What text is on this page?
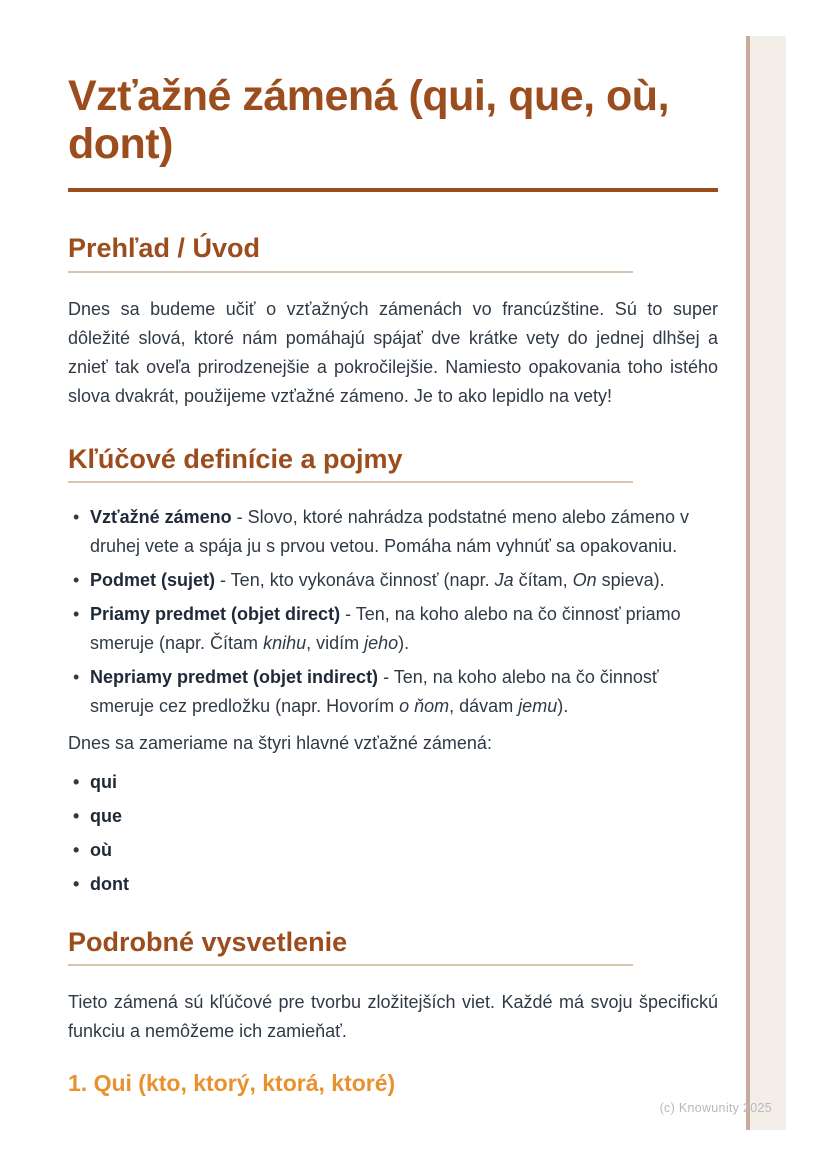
Vzťažné zámená (qui, que, où, dont)
Prehľad / Úvod

Dnes sa budeme učiť o vzťažných zámenách vo francúzštine. Sú to super dôležité slová, ktoré nám pomáhajú spájať dve krátke vety do jednej dlhšej a znieť tak oveľa prirodzenejšie a pokročilejšie. Namiesto opakovania toho istého slova dvakrát, použijeme vzťažné zámeno. Je to ako lepidlo na vety!

Kľúčové definície a pojmy
• Vzťažné zámeno - Slovo, ktoré nahrádza podstatné meno alebo zámeno v druhej vete a spája ju s prvou vetou. Pomáha nám vyhnúť sa opakovaniu.
• Podmet (sujet) - Ten, kto vykonáva činnosť (napr. Ja čítam, On spieva).
• Priamy predmet (objet direct) - Ten, na koho alebo na čo činnosť priamo smeruje (napr. Čítam knihu, vidím jeho).
• Nepriamy predmet (objet indirect) - Ten, na koho alebo na čo činnosť smeruje cez predložku (napr. Hovorím o ňom, dávam jemu).

Dnes sa zameriame na štyri hlavné vzťažné zámená:

• qui
• que
• où
• dont
Podrobné vysvetlenie

Tieto zámená sú kľúčové pre tvorbu zložitejších viet. Každé má svoju špecifickú funkciu a nemôžeme ich zamieňať.

1. Qui (kto, ktorý, ktorá, ktoré)
(c) Knowunity 2025
